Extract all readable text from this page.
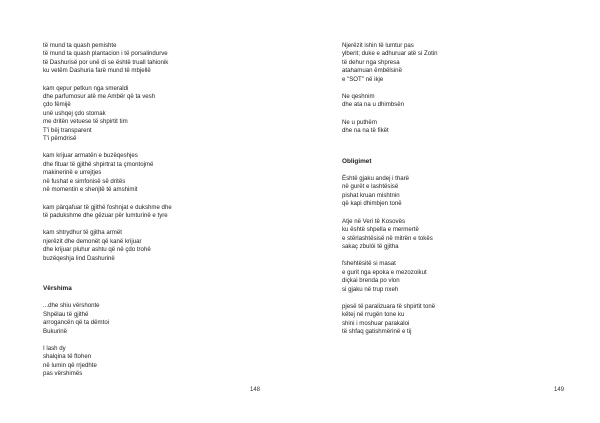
të mund ta quash pemishte
të mund ta quash plantacion i të porsalindurve
të Dashurisë por unë di se është truall tahionik
ku vetëm Dashuria farë mund të mbjellë
kam qepur petkun nga smeraldi
dhe parfumosur atë me Ambër që ta vesh
çdo fëmijë
unë ushqej çdo stomak
me dritën vetuese të shpirtit tim
T'i bëj transparent
T'i përndrisë
kam krijuar armatën e buzëqeshjes
dhe fituar të gjithë shpirtrat ta çmontojmë
makinerinë e urrejtjes
në fushat e simfonisë së dritës
në momentin e shenjtë të amshimit
kam pärqafuar të gjithë foshnjat e dukshme dhe
të padukshme dhe gëzuar për lumturinë e tyre
kam shtrydhur të gjitha armët
njerëzit dhe demonët që kanë krijuar
dhe krijuar pluhur ashtu që në çdo trohë
buzëqeshja lind Dashurinë
Vërshima
...dhe shiu vërshonte
Shpëlau të gjithë
arrogancën që ta dëmtoi
Bukurinë
I lash dy
shalqina të ftohen
në lumin që rrjedhte
pas vërshimës
148
Njerëzit ishin të lumtur pas
ylberit; duke e adhuruar atë si Zotin
të dehur nga shpresa
atahamuan ëmbëlsinë
e "SOT" në ikje
Ne qeshnim
dhe ata na u dhimbsën
Ne u puthëm
dhe na na të fikët
Obligimet
Është gjaku andej i tharë
në gurët e lashtësisë
pishat kruan mishtnin
që kapi dhimbjen tonë
Atje në Veri të Kosovës
ku është shpella e mermertë
e stërlashtësisë në mitrën e tokës
sakaç zbulói të gjitha
fshehtësitë si masat
e gurit nga epoka e mezozoikut
diçkai brenda po vlon
si gjaku në trup nxeh
pjesë të paralizuara të shpirtit tonë
këtej në rrugën tone ku
shini i moshuar parakaloi
të shfaq gatishmërinë e tij
149
